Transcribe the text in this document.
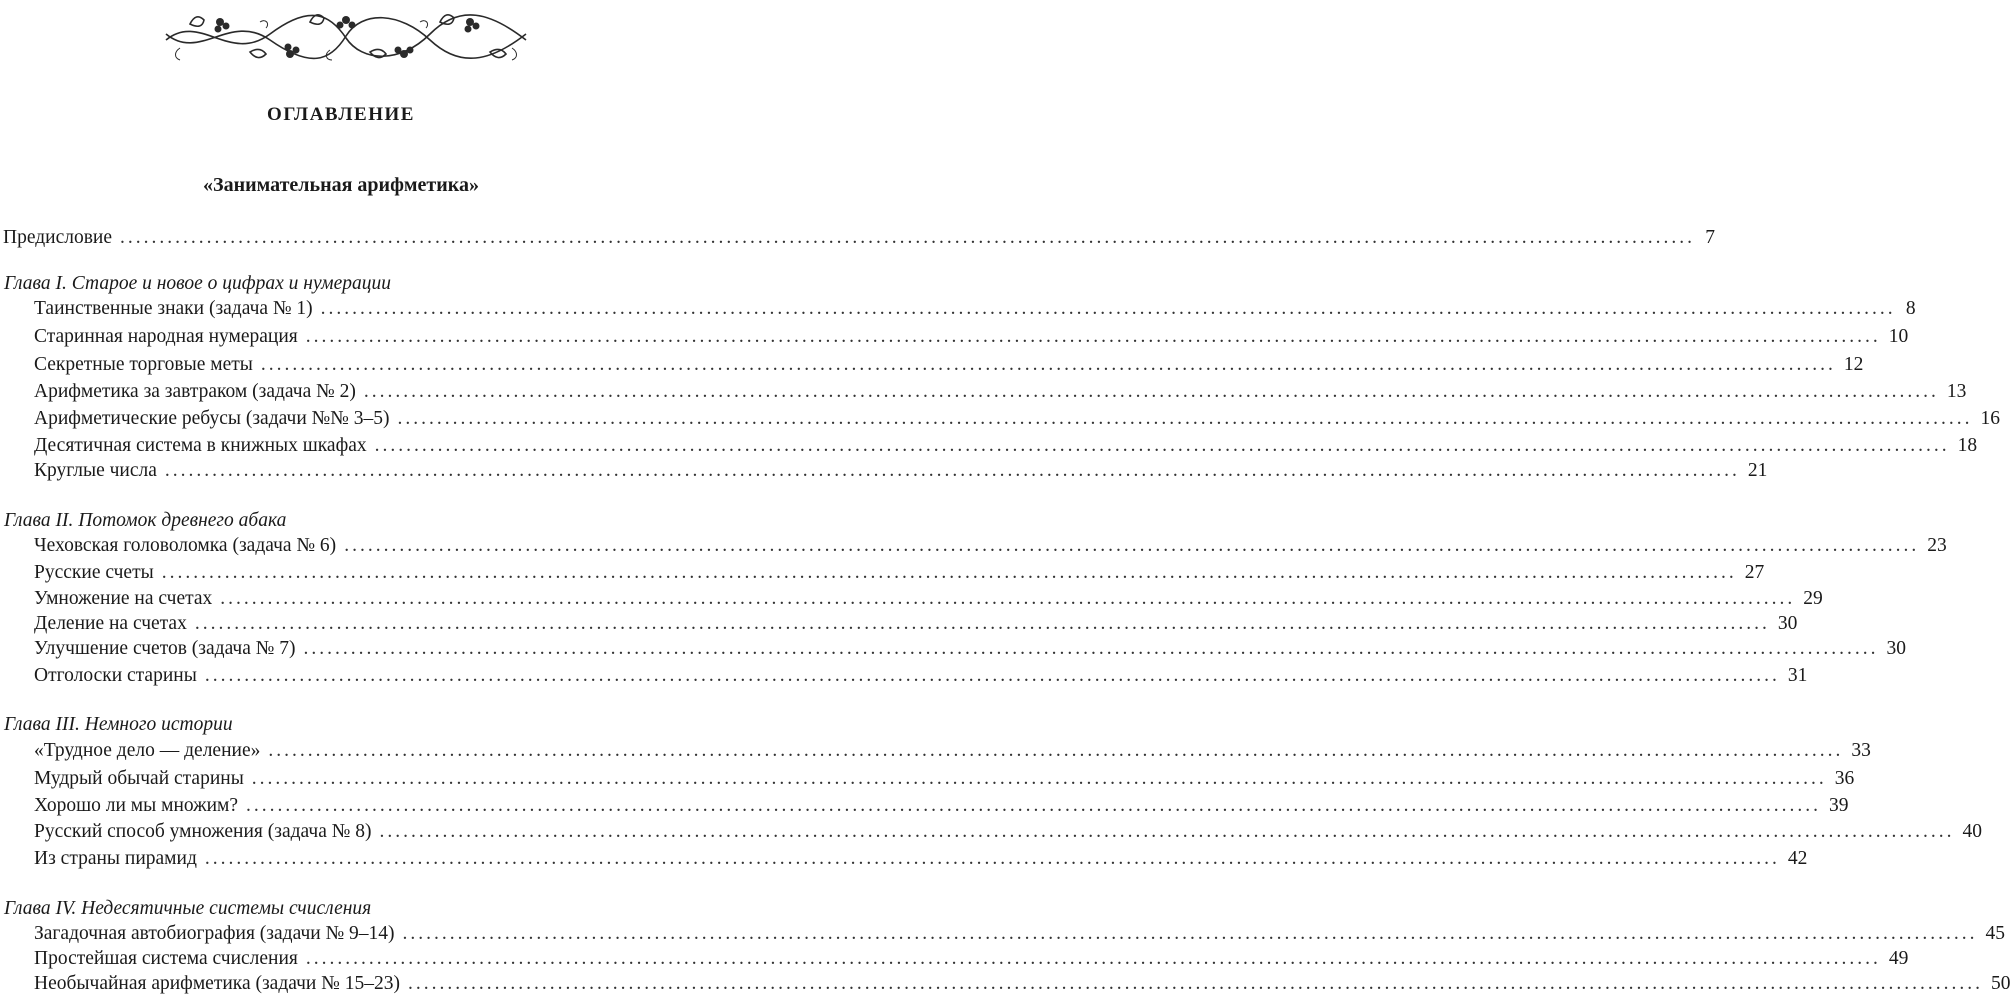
ОГЛАВЛЕНИЕ
«Занимательная арифметика»
Предисловие ........................................................................................................................................................................................................ 7
Глава I. Старое и новое о цифрах и нумерации
Таинственные знаки (задача № 1) ........................................................................................................................................................................................................ 8
Старинная народная нумерация ........................................................................................................................................................................................................ 10
Секретные торговые меты ........................................................................................................................................................................................................ 12
Арифметика за завтраком (задача № 2) ........................................................................................................................................................................................................ 13
Арифметические ребусы (задачи №№ 3–5) ........................................................................................................................................................................................................ 16
Десятичная система в книжных шкафах ........................................................................................................................................................................................................ 18
Круглые числа ........................................................................................................................................................................................................ 21
Глава II. Потомок древнего абака
Чеховская головоломка (задача № 6) ........................................................................................................................................................................................................ 23
Русские счеты ........................................................................................................................................................................................................ 27
Умножение на счетах ........................................................................................................................................................................................................ 29
Деление на счетах ........................................................................................................................................................................................................ 30
Улучшение счетов (задача № 7) ........................................................................................................................................................................................................ 30
Отголоски старины ........................................................................................................................................................................................................ 31
Глава III. Немного истории
«Трудное дело — деление» ........................................................................................................................................................................................................ 33
Мудрый обычай старины ........................................................................................................................................................................................................ 36
Хорошо ли мы множим? ........................................................................................................................................................................................................ 39
Русский способ умножения (задача № 8) ........................................................................................................................................................................................................ 40
Из страны пирамид ........................................................................................................................................................................................................ 42
Глава IV. Недесятичные системы счисления
Загадочная автобиография (задачи № 9–14) ........................................................................................................................................................................................................ 45
Простейшая система счисления ........................................................................................................................................................................................................ 49
Необычайная арифметика (задачи № 15–23) ........................................................................................................................................................................................................ 50
